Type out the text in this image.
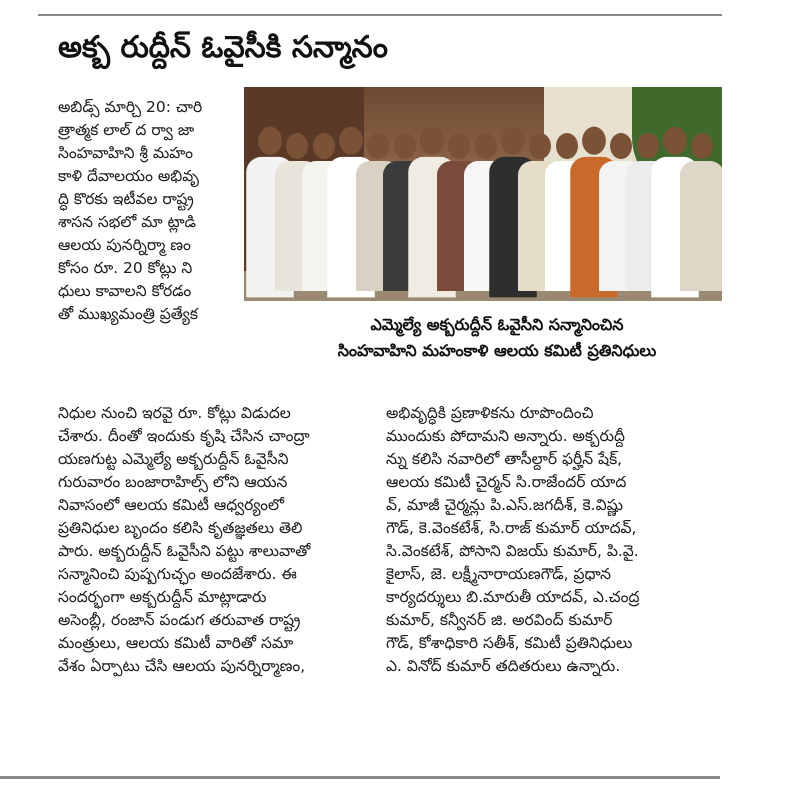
అక్బ రుద్దీన్ ఓవైసీకి సన్మానం
ఎమ్మెల్యే అక్బరుద్దీన్ ఓవైసీని సన్మానించిన
సింహవాహిని మహంకాళి ఆలయ కమిటీ ప్రతినిధులు

అబిడ్స్ మార్చి 20: చారి
త్రాత్మక లాల్ ద ర్వా జా
సింహవాహిని శ్రీ మహం
కాళి దేవాలయం అభివృ
ద్ధి కొరకు ఇటీవల రాష్ట్ర
శాసన సభలో మా ట్లాడి
ఆలయ పునర్నిర్మా ణం
కోసం రూ. 20 కోట్లు ని
ధులు కావాలని కోరడం
తో ముఖ్యమంత్రి ప్రత్యేక

నిధుల నుంచి ఇరవై రూ. కోట్లు విడుదల
చేశారు. దీంతో ఇందుకు కృషి చేసిన చాంద్రా
యణగుట్ట ఎమ్మెల్యే అక్బరుద్దీన్ ఓవైసీని
గురువారం బంజారాహిల్స్ లోని ఆయన
నివాసంలో ఆలయ కమిటీ ఆధ్వర్యంలో
ప్రతినిధుల బృందం కలిసి కృతజ్ఞతలు తెలి
పారు. అక్బరుద్దీన్ ఓవైసీని పట్టు శాలువాతో
సన్మానించి పుష్పగుచ్ఛం అందజేశారు. ఈ
సందర్భంగా అక్బరుద్దీన్ మాట్లాడారు
అసెంబ్లీ, రంజాన్ పండుగ తరువాత రాష్ట్ర
మంత్రులు, ఆలయ కమిటీ వారితో సమా
వేశం ఏర్పాటు చేసి ఆలయ పునర్నిర్మాణం,

అభివృద్ధికి ప్రణాళికను రూపొందించి
ముందుకు పోదామని అన్నారు. అక్బరుద్దీ
న్ను కలిసి నవారిలో తాసీల్దార్ ఫర్హీన్ షేక్,
ఆలయ కమిటీ చైర్మన్ సి.రాజేందర్ యాద
వ్, మాజీ చైర్మన్లు పి.ఎస్.జగదీశ్, కె.విష్ణు
గౌడ్, కె.వెంకటేశ్, సి.రాజ్ కుమార్ యాదవ్,
సి.వెంకటేశ్, పోసాని విజయ్ కుమార్, పి.వై.
కైలాస్, జె. లక్ష్మీనారాయణగౌడ్, ప్రధాన
కార్యదర్శులు బి.మారుతీ యాదవ్, ఎ.చంద్ర
కుమార్, కన్వీనర్ జి. అరవింద్ కుమార్
గౌడ్, కోశాధికారి సతీశ్, కమిటీ ప్రతినిధులు
ఎ. వినోద్ కుమార్ తదితరులు ఉన్నారు.
